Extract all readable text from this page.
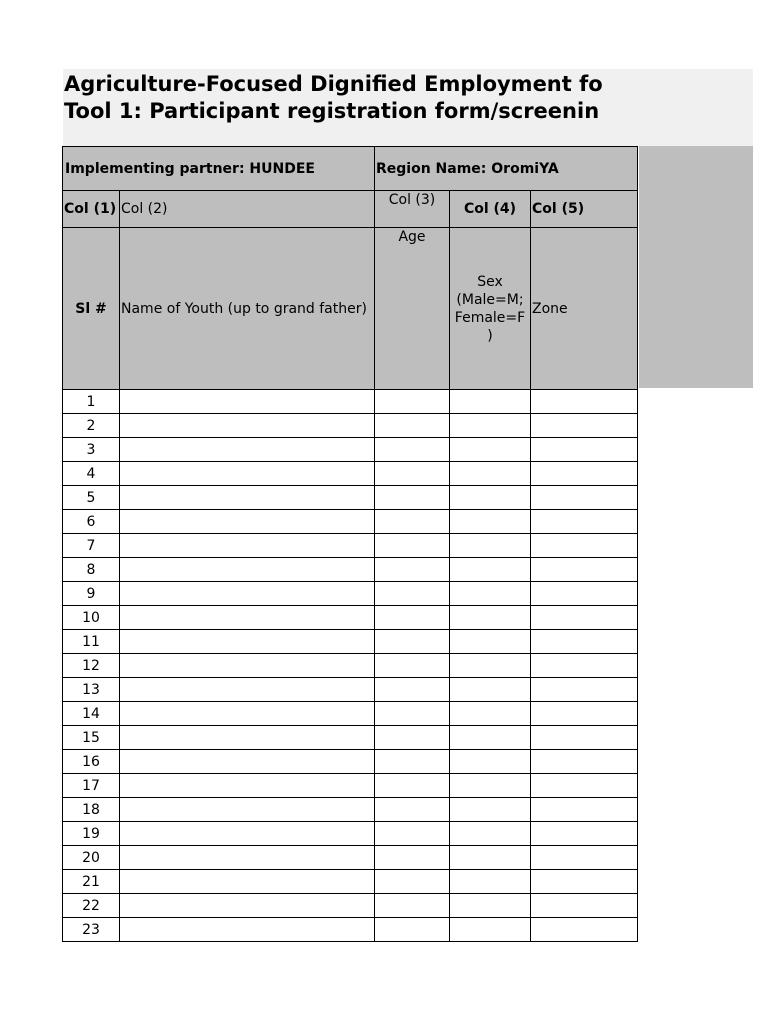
Agriculture-Focused Dignified Employment fo
Tool 1: Participant registration form/screenin
Implementing partner: HUNDEE		Region Name: OromiYA		
Col (1)	Col (2)	Col (3)	Col (4)	Col (5)
Sl #	Name of Youth (up to grand father)	Age	Sex (Male=M; Female=F )	Zone
1				
2				
3				
4				
5				
6				
7				
8				
9				
10				
11				
12				
13				
14				
15				
16				
17				
18				
19				
20				
21				
22				
23				
